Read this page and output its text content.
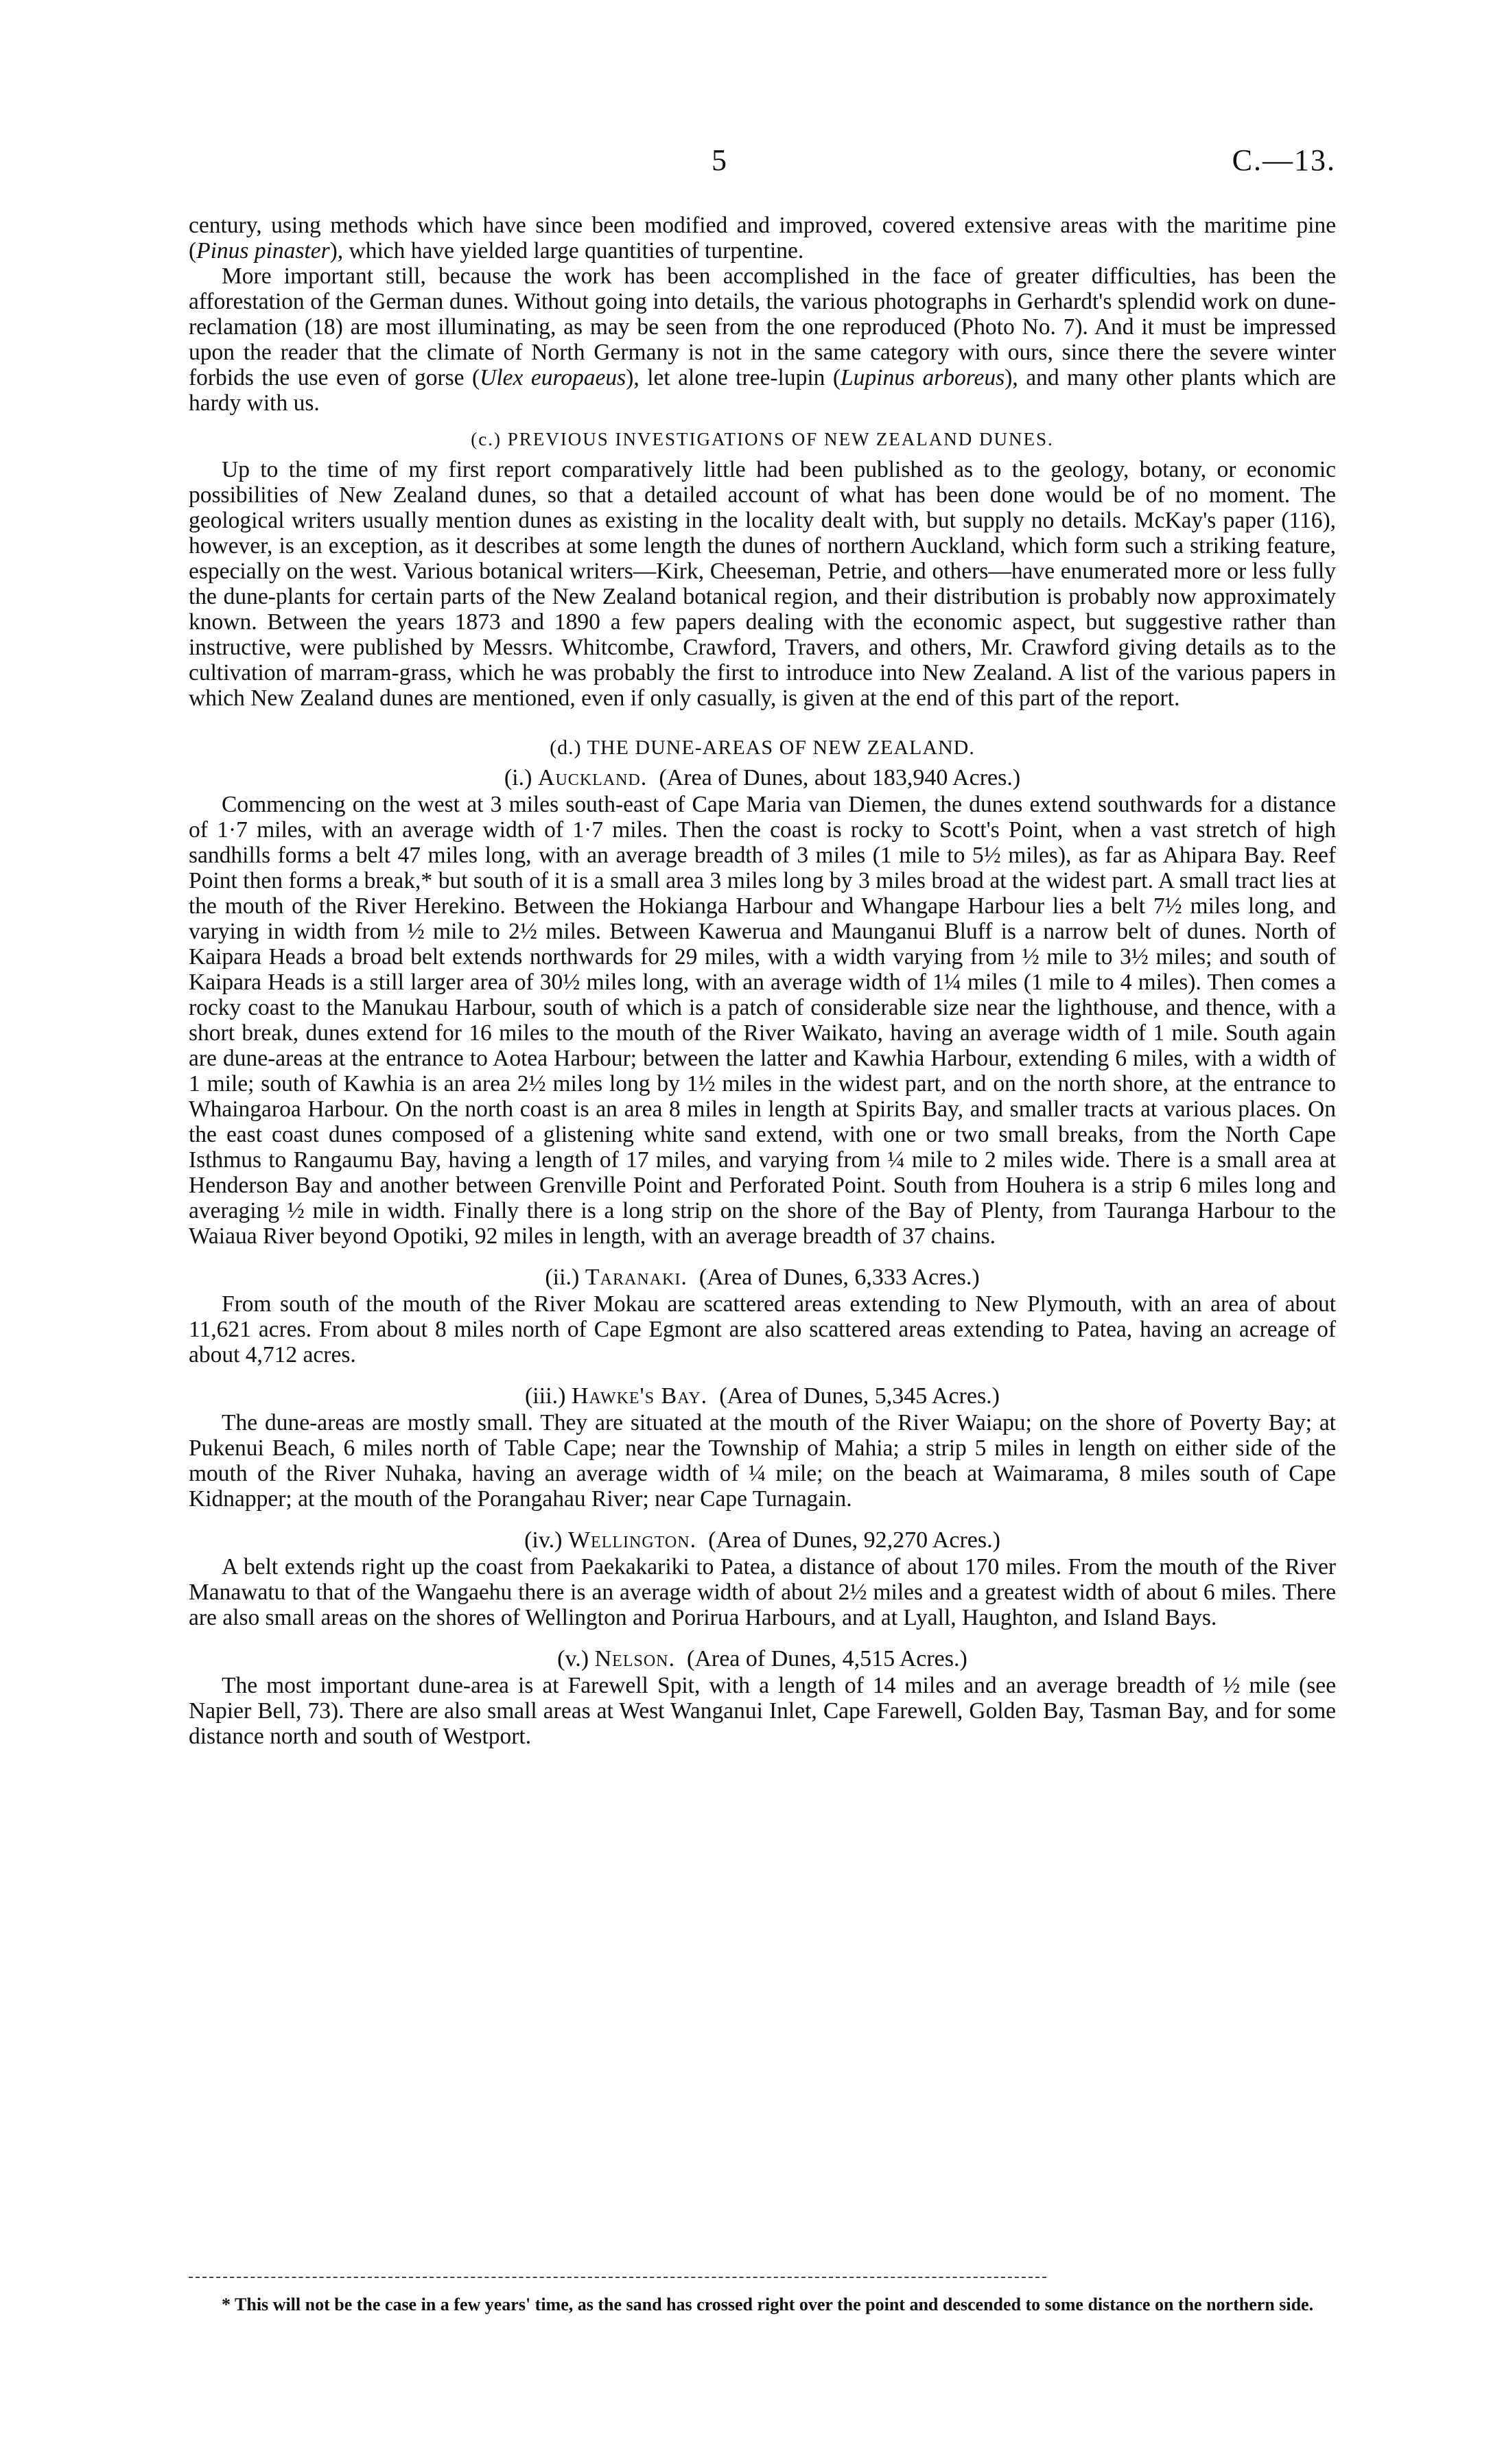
5	C.—13.

century, using methods which have since been modified and improved, covered extensive areas with the maritime pine (Pinus pinaster), which have yielded large quantities of turpentine.

More important still, because the work has been accomplished in the face of greater difficulties, has been the afforestation of the German dunes. Without going into details, the various photographs in Gerhardt's splendid work on dune-reclamation (18) are most illuminating, as may be seen from the one reproduced (Photo No. 7). And it must be impressed upon the reader that the climate of North Germany is not in the same category with ours, since there the severe winter forbids the use even of gorse (Ulex europaeus), let alone tree-lupin (Lupinus arboreus), and many other plants which are hardy with us.

(c.) PREVIOUS INVESTIGATIONS OF NEW ZEALAND DUNES.

Up to the time of my first report comparatively little had been published as to the geology, botany, or economic possibilities of New Zealand dunes, so that a detailed account of what has been done would be of no moment. The geological writers usually mention dunes as existing in the locality dealt with, but supply no details. McKay's paper (116), however, is an exception, as it describes at some length the dunes of northern Auckland, which form such a striking feature, especially on the west. Various botanical writers—Kirk, Cheeseman, Petrie, and others—have enumerated more or less fully the dune-plants for certain parts of the New Zealand botanical region, and their distribution is probably now approximately known. Between the years 1873 and 1890 a few papers dealing with the economic aspect, but suggestive rather than instructive, were published by Messrs. Whitcombe, Crawford, Travers, and others, Mr. Crawford giving details as to the cultivation of marram-grass, which he was probably the first to introduce into New Zealand. A list of the various papers in which New Zealand dunes are mentioned, even if only casually, is given at the end of this part of the report.

(d.) THE DUNE-AREAS OF NEW ZEALAND.
(i.) Auckland. (Area of Dunes, about 183,940 Acres.)

Commencing on the west at 3 miles south-east of Cape Maria van Diemen, the dunes extend southwards for a distance of 1·7 miles, with an average width of 1·7 miles. Then the coast is rocky to Scott's Point, when a vast stretch of high sandhills forms a belt 47 miles long, with an average breadth of 3 miles (1 mile to 5½ miles), as far as Ahipara Bay. Reef Point then forms a break,* but south of it is a small area 3 miles long by 3 miles broad at the widest part. A small tract lies at the mouth of the River Herekino. Between the Hokianga Harbour and Whangape Harbour lies a belt 7½ miles long, and varying in width from ½ mile to 2½ miles. Between Kawerua and Maunganui Bluff is a narrow belt of dunes. North of Kaipara Heads a broad belt extends northwards for 29 miles, with a width varying from ½ mile to 3½ miles; and south of Kaipara Heads is a still larger area of 30½ miles long, with an average width of 1¼ miles (1 mile to 4 miles). Then comes a rocky coast to the Manukau Harbour, south of which is a patch of considerable size near the lighthouse, and thence, with a short break, dunes extend for 16 miles to the mouth of the River Waikato, having an average width of 1 mile. South again are dune-areas at the entrance to Aotea Harbour; between the latter and Kawhia Harbour, extending 6 miles, with a width of 1 mile; south of Kawhia is an area 2½ miles long by 1½ miles in the widest part, and on the north shore, at the entrance to Whaingaroa Harbour. On the north coast is an area 8 miles in length at Spirits Bay, and smaller tracts at various places. On the east coast dunes composed of a glistening white sand extend, with one or two small breaks, from the North Cape Isthmus to Rangaumu Bay, having a length of 17 miles, and varying from ¼ mile to 2 miles wide. There is a small area at Henderson Bay and another between Grenville Point and Perforated Point. South from Houhera is a strip 6 miles long and averaging ½ mile in width. Finally there is a long strip on the shore of the Bay of Plenty, from Tauranga Harbour to the Waiaua River beyond Opotiki, 92 miles in length, with an average breadth of 37 chains.

(ii.) Taranaki. (Area of Dunes, 6,333 Acres.)

From south of the mouth of the River Mokau are scattered areas extending to New Plymouth, with an area of about 11,621 acres. From about 8 miles north of Cape Egmont are also scattered areas extending to Patea, having an acreage of about 4,712 acres.

(iii.) Hawke's Bay. (Area of Dunes, 5,345 Acres.)

The dune-areas are mostly small. They are situated at the mouth of the River Waiapu; on the shore of Poverty Bay; at Pukenui Beach, 6 miles north of Table Cape; near the Township of Mahia; a strip 5 miles in length on either side of the mouth of the River Nuhaka, having an average width of ¼ mile; on the beach at Waimarama, 8 miles south of Cape Kidnapper; at the mouth of the Porangahau River; near Cape Turnagain.

(iv.) Wellington. (Area of Dunes, 92,270 Acres.)

A belt extends right up the coast from Paekakariki to Patea, a distance of about 170 miles. From the mouth of the River Manawatu to that of the Wangaehu there is an average width of about 2½ miles and a greatest width of about 6 miles. There are also small areas on the shores of Wellington and Porirua Harbours, and at Lyall, Haughton, and Island Bays.

(v.) Nelson. (Area of Dunes, 4,515 Acres.)

The most important dune-area is at Farewell Spit, with a length of 14 miles and an average breadth of ½ mile (see Napier Bell, 73). There are also small areas at West Wanganui Inlet, Cape Farewell, Golden Bay, Tasman Bay, and for some distance north and south of Westport.

* This will not be the case in a few years' time, as the sand has crossed right over the point and descended to some distance on the northern side.
